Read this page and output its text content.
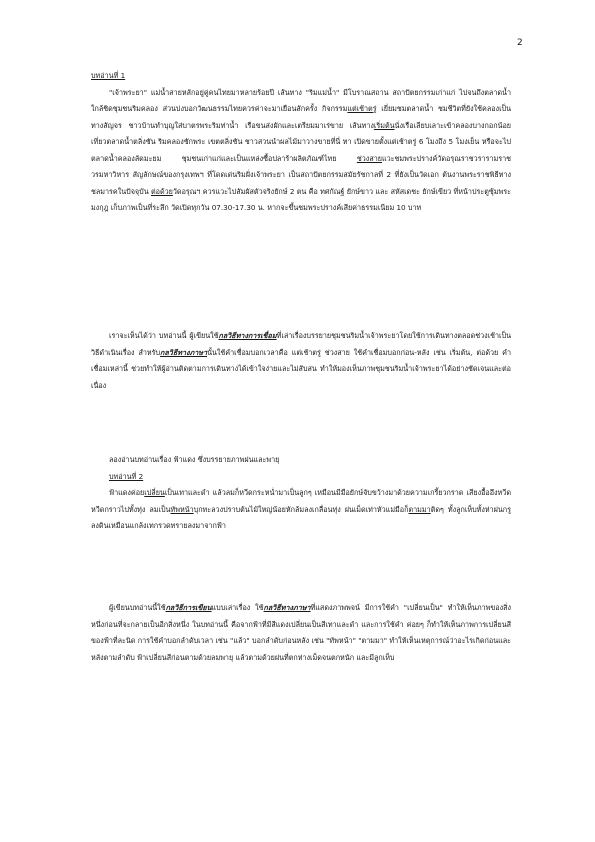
2
บทอ่านที่ 1

"เจ้าพระยา" แม่น้ำสายหลักอยู่คู่คนไทยมาหลายร้อยปี เส้นทาง "ริมแม่น้ำ" มีโบราณสถาน สถาปัตยกรรมเก่าแก่ ไปจนถึงตลาดน้ำใกล้ชิดชุมชนริมคลอง ส่วนบ่งบอกวัฒนธรรมไทยควรค่าจะมาเยือนสักครั้ง กิจกรรมแต่เช้าตรู่ เยี่ยมชมตลาดน้ำ ชมชีวิตที่ยังใช้คลองเป็นทางสัญจร ชาวบ้านทำบุญใส่บาตรพระริมท่าน้ำ เรือขนส่งผักและเตรียมมาเร่ขาย เส้นทางเริ่มต้นนั่งเรือเลียบเลาะเข้าคลองบางกอกน้อย เที่ยวตลาดน้ำตลิ่งชัน ริมคลองชักพระ เขตตลิ่งชัน ชาวสวนนำผลไม้มาวางขายที่นี่ ทา เปิดขายตั้งแต่เช้าตรู่ 6 โมงถึง 5 โมงเย็น หรือจะไปตลาดน้ำคลองลัดมะยม ชุมชนเก่าแก่และเป็นแหล่งซื้อปลาร้าผลิตภัณฑ์ไทย ช่วงสายแวะชมพระปรางค์วัดอรุณราชวรารามราชวรมหาวิหาร สัญลักษณ์ของกรุงเทพฯ ที่โดดเด่นริมฝั่งเจ้าพระยา เป็นสถาปัตยกรรมสมัยรัชกาลที่ 2 ที่ยังเป็นวัดเอก ต้นงานพระราชพิธีทางชลมารคในปัจจุบัน ต่อด้วยวัดอรุณฯ ควรแวะไปสัมผัสตัวจริงยักษ์ 2 ตน คือ ทศกัณฐ์ ยักษ์ขาว และ สหัสเดชะ ยักษ์เขียว ที่หน้าประตูซุ้มพระมงกุฎ เก็บภาพเป็นที่ระลึก วัดเปิดทุกวัน 07.30-17.30 น. หากจะขึ้นชมพระปรางค์เสียค่าธรรมเนียม 10 บาท

เราจะเห็นได้ว่า บทอ่านนี้ ผู้เขียนใช้กลวิธีทางการเชื่อมที่เล่าเรื่องบรรยายชุมชนริมน้ำเจ้าพระยาโดยใช้การเดินทางตลอดช่วงเช้าเป็นวิธีดำเนินเรื่อง สำหรับกลวิธีทางภาษานั้นใช้คำเชื่อมบอกเวลาคือ แต่เช้าตรู่ ช่วงสาย ใช้คำเชื่อมบอกก่อน-หลัง เช่น เริ่มต้น, ต่อด้วย คำเชื่อมเหล่านี้ ช่วยทำให้ผู้อ่านติดตามการเดินทางได้เข้าใจง่ายและไม่สับสน ทำให้มองเห็นภาพชุมชนริมน้ำเจ้าพระยาได้อย่างชัดเจนและต่อเนื่อง

ลองอ่านบทอ่านเรื่อง ฟ้าแดง ซึ่งบรรยายภาพฝนและพายุ

บทอ่านที่ 2

ฟ้าแดงค่อยเปลี่ยนเป็นเทาและดำ แล้วลมก็หวีดกระหน่ำมาเป็นลูกๆ เหมือนมีมือยักษ์จับขว้างมาด้วยความเกรี้ยวกราด เสียงอื้ออึงหวีดหวีดกราวไปทั้งทุ่ง ลมเป็นทัพหน้าบุกทะลวงปราบต้นไม้ใหญ่น้อยหักล้มลงเกลื่อนทุ่ง ฝนเม็ดเท่าหัวแม่มือก็ตามมาติดๆ ทั้งลูกเห็บทั้งห่าฝนกรูลงดินเหมือนแกล้งเทกรวดทรายลงมาจากฟ้า

ผู้เขียนบทอ่านนี้ใช้กลวิธีการเขียนแบบเล่าเรื่อง ใช้กลวิธีทางภาษาที่แสดงภาพพจน์ มีการใช้คำ "เปลี่ยนเป็น" ทำให้เห็นภาพของสิ่งหนึ่งก่อนที่จะกลายเป็นอีกสิ่งหนึ่ง ในบทอ่านนี้ คือจากฟ้าที่มีสีแดงเปลี่ยนเป็นสีเทาและดำ และการใช้คำ ค่อยๆ ก็ทำให้เห็นภาพการเปลี่ยนสีของฟ้าที่ละนิด การใช้คำบอกลำดับเวลา เช่น "แล้ว" บอกลำดับก่อนหลัง เช่น "ทัพหน้า" "ตามมา" ทำให้เห็นเหตุการณ์ว่าอะไรเกิดก่อนและหลังตามลำดับ ฟ้าเปลี่ยนสีก่อนตามด้วยลมพายุ แล้วตามด้วยฝนที่ตกห่างเม็ดจนตกหนัก และมีลูกเห็บ
